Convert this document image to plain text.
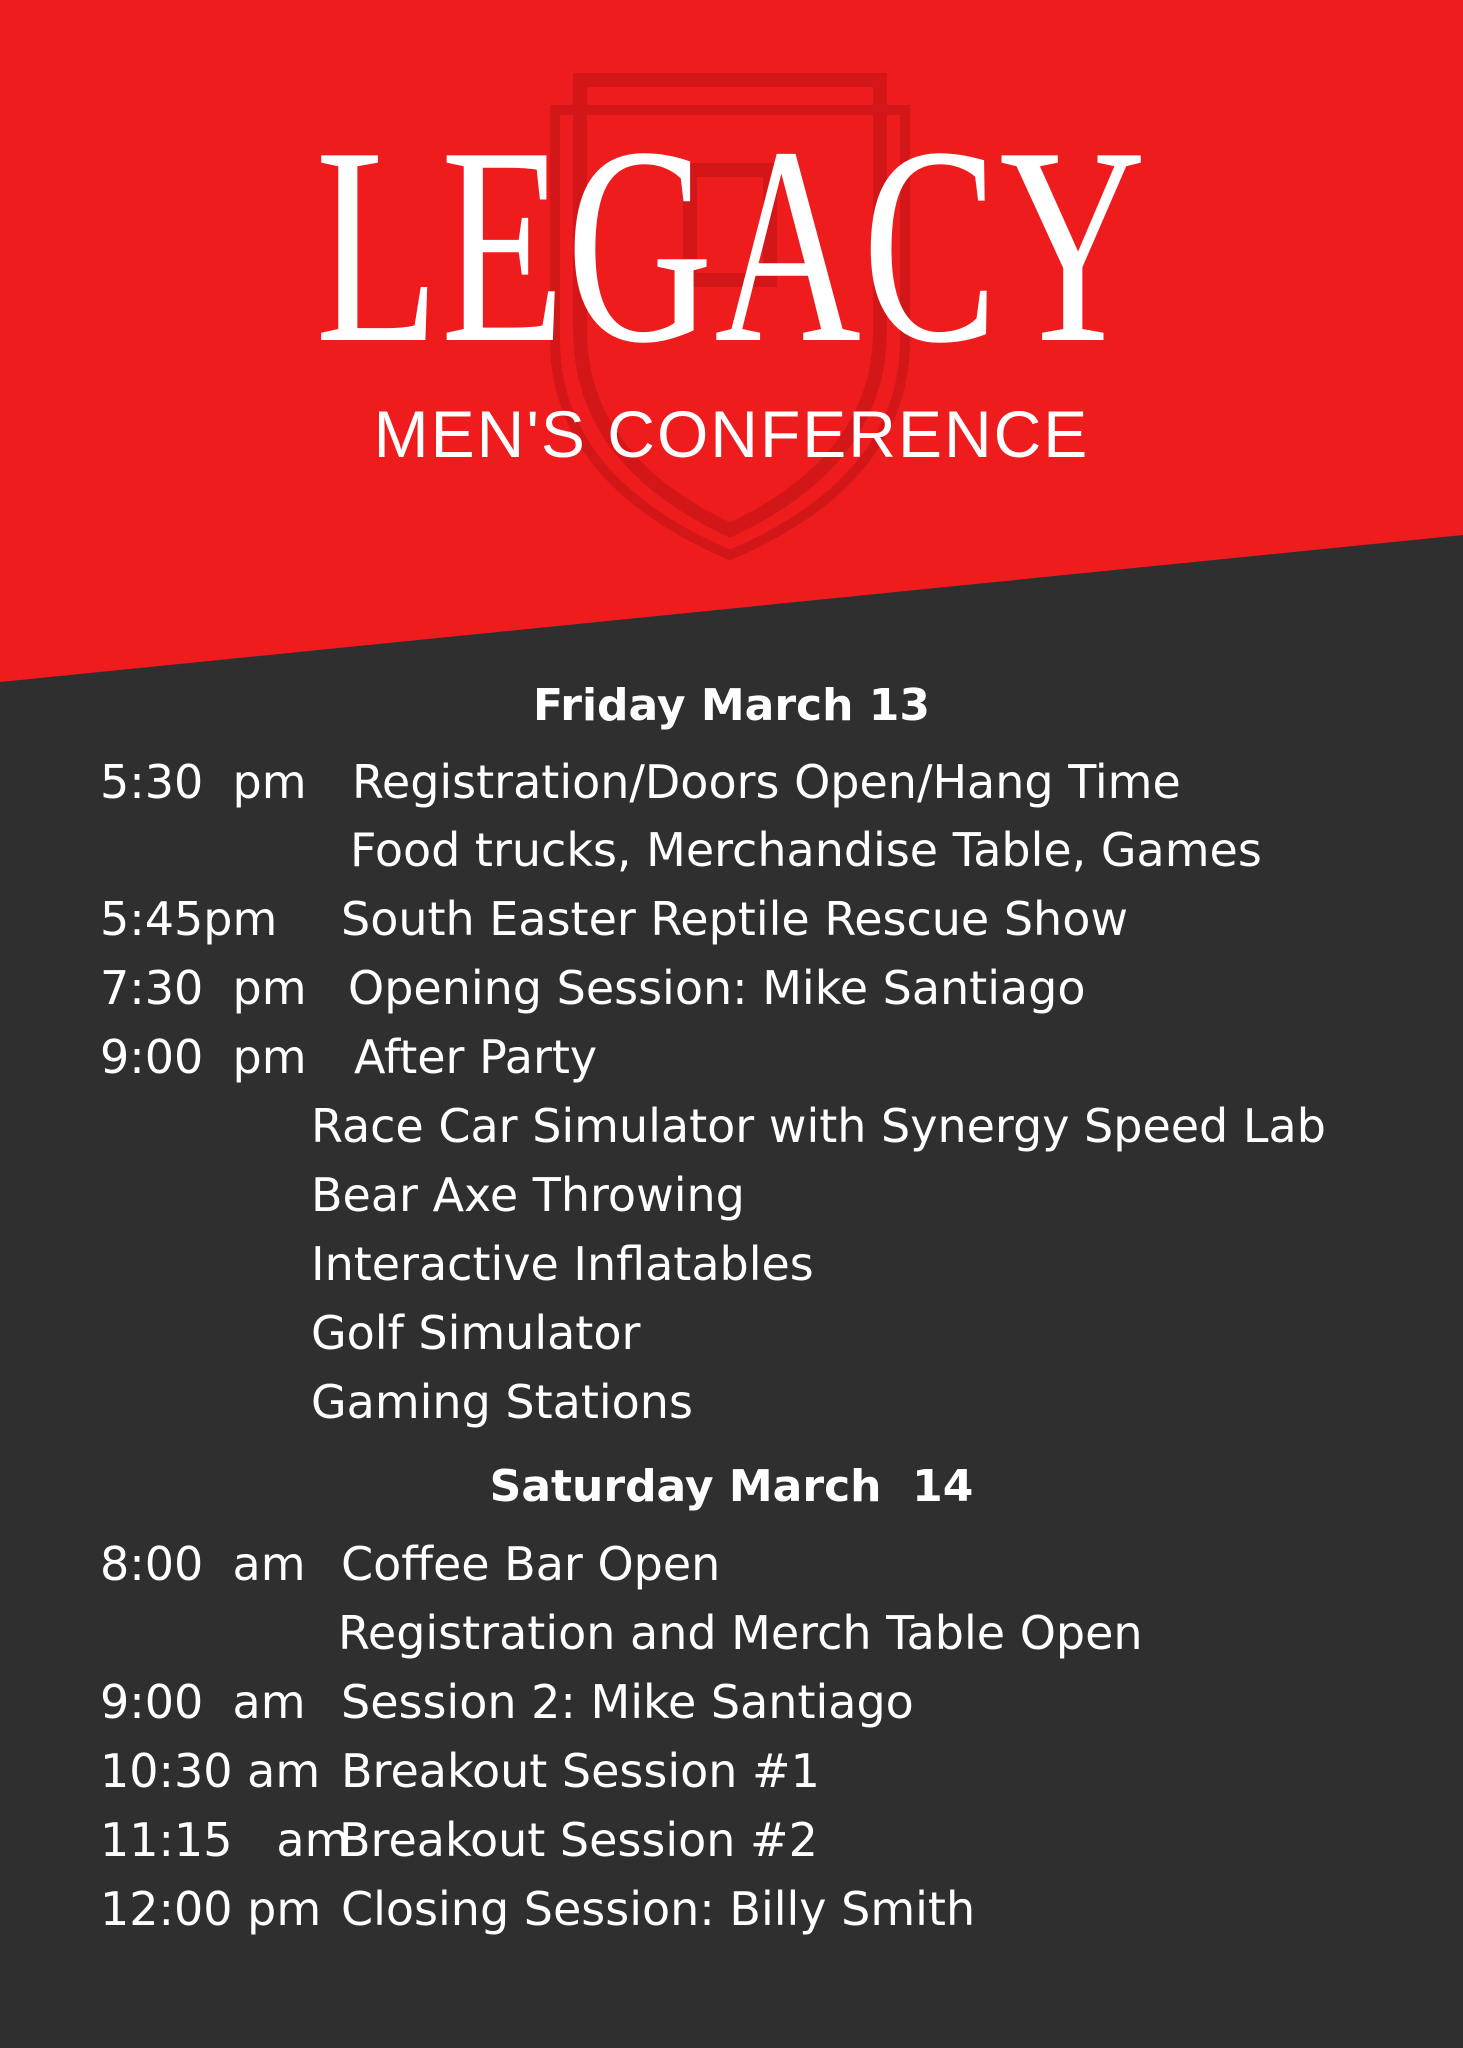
LEGACY
MEN'S CONFERENCE
Friday March 13
5:30  pm Registration/Doors Open/Hang Time
Food trucks, Merchandise Table, Games
5:45pm South Easter Reptile Rescue Show
7:30  pm Opening Session: Mike Santiago
9:00  pm After Party
Race Car Simulator with Synergy Speed Lab
Bear Axe Throwing
Interactive Inflatables
Golf Simulator
Gaming Stations
Saturday March  14
8:00  am Coffee Bar Open
Registration and Merch Table Open
9:00  am Session 2: Mike Santiago
10:30 am Breakout Session #1
11:15   am
Breakout Session #2
12:00 pm Closing Session: Billy Smith
